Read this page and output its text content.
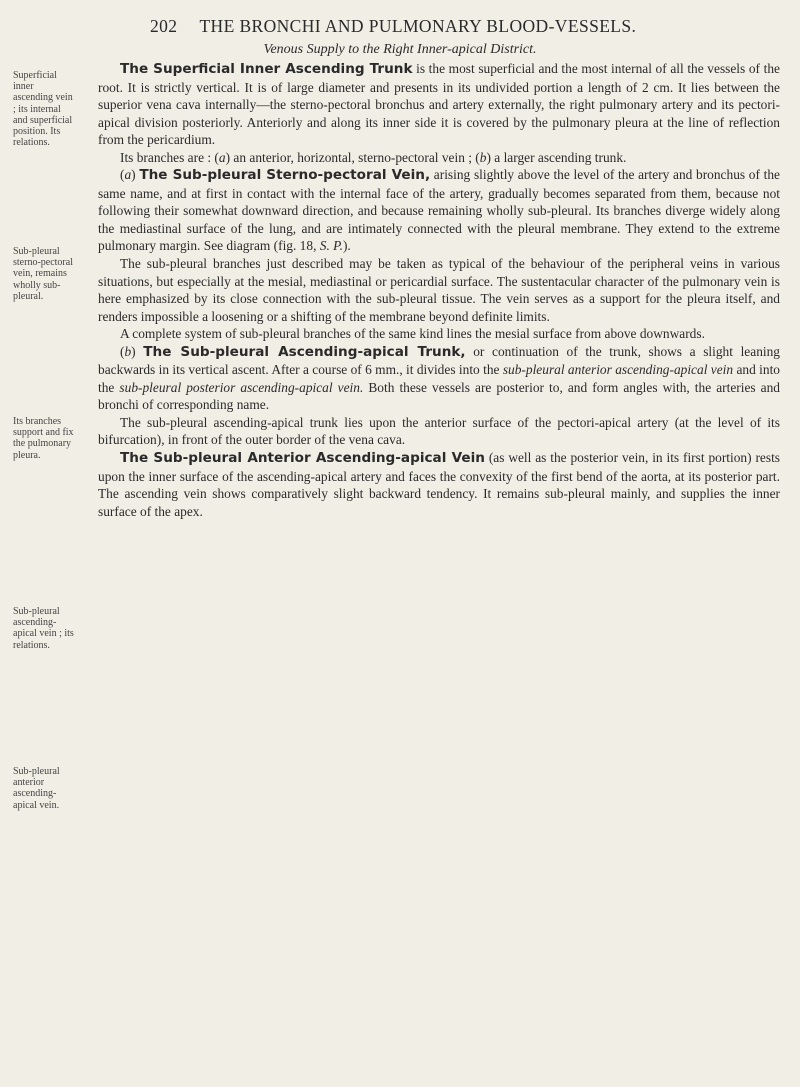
202 THE BRONCHI AND PULMONARY BLOOD-VESSELS.
Venous Supply to the Right Inner-apical District.
Superficial inner ascending vein ; its internal and superficial position. Its relations.
Sub-pleural sterno-pectoral vein, remains wholly sub-pleural.
Its branches support and fix the pulmonary pleura.
Sub-pleural ascending-apical vein ; its relations.
Sub-pleural anterior ascending-apical vein.

The Superficial Inner Ascending Trunk is the most superficial and the most internal of all the vessels of the root. It is strictly vertical. It is of large diameter and presents in its undivided portion a length of 2 cm. It lies between the superior vena cava internally—the sterno-pectoral bronchus and artery externally, the right pulmonary artery and its pectori-apical division posteriorly. Anteriorly and along its inner side it is covered by the pulmonary pleura at the line of reflection from the pericardium.

Its branches are : (a) an anterior, horizontal, sterno-pectoral vein ; (b) a larger ascending trunk.

(a) The Sub-pleural Sterno-pectoral Vein, arising slightly above the level of the artery and bronchus of the same name, and at first in contact with the internal face of the artery, gradually becomes separated from them, because not following their somewhat downward direction, and because remaining wholly sub-pleural. Its branches diverge widely along the mediastinal surface of the lung, and are intimately connected with the pleural membrane. They extend to the extreme pulmonary margin. See diagram (fig. 18, S. P.).

The sub-pleural branches just described may be taken as typical of the behaviour of the peripheral veins in various situations, but especially at the mesial, mediastinal or pericardial surface. The sustentacular character of the pulmonary vein is here emphasized by its close connection with the sub-pleural tissue. The vein serves as a support for the pleura itself, and renders impossible a loosening or a shifting of the membrane beyond definite limits.

A complete system of sub-pleural branches of the same kind lines the mesial surface from above downwards.

(b) The Sub-pleural Ascending-apical Trunk, or continuation of the trunk, shows a slight leaning backwards in its vertical ascent. After a course of 6 mm., it divides into the sub-pleural anterior ascending-apical vein and into the sub-pleural posterior ascending-apical vein. Both these vessels are posterior to, and form angles with, the arteries and bronchi of corresponding name.

The sub-pleural ascending-apical trunk lies upon the anterior surface of the pectori-apical artery (at the level of its bifurcation), in front of the outer border of the vena cava.

The Sub-pleural Anterior Ascending-apical Vein (as well as the posterior vein, in its first portion) rests upon the inner surface of the ascending-apical artery and faces the convexity of the first bend of the aorta, at its posterior part. The ascending vein shows comparatively slight backward tendency. It remains sub-pleural mainly, and supplies the inner surface of the apex.
